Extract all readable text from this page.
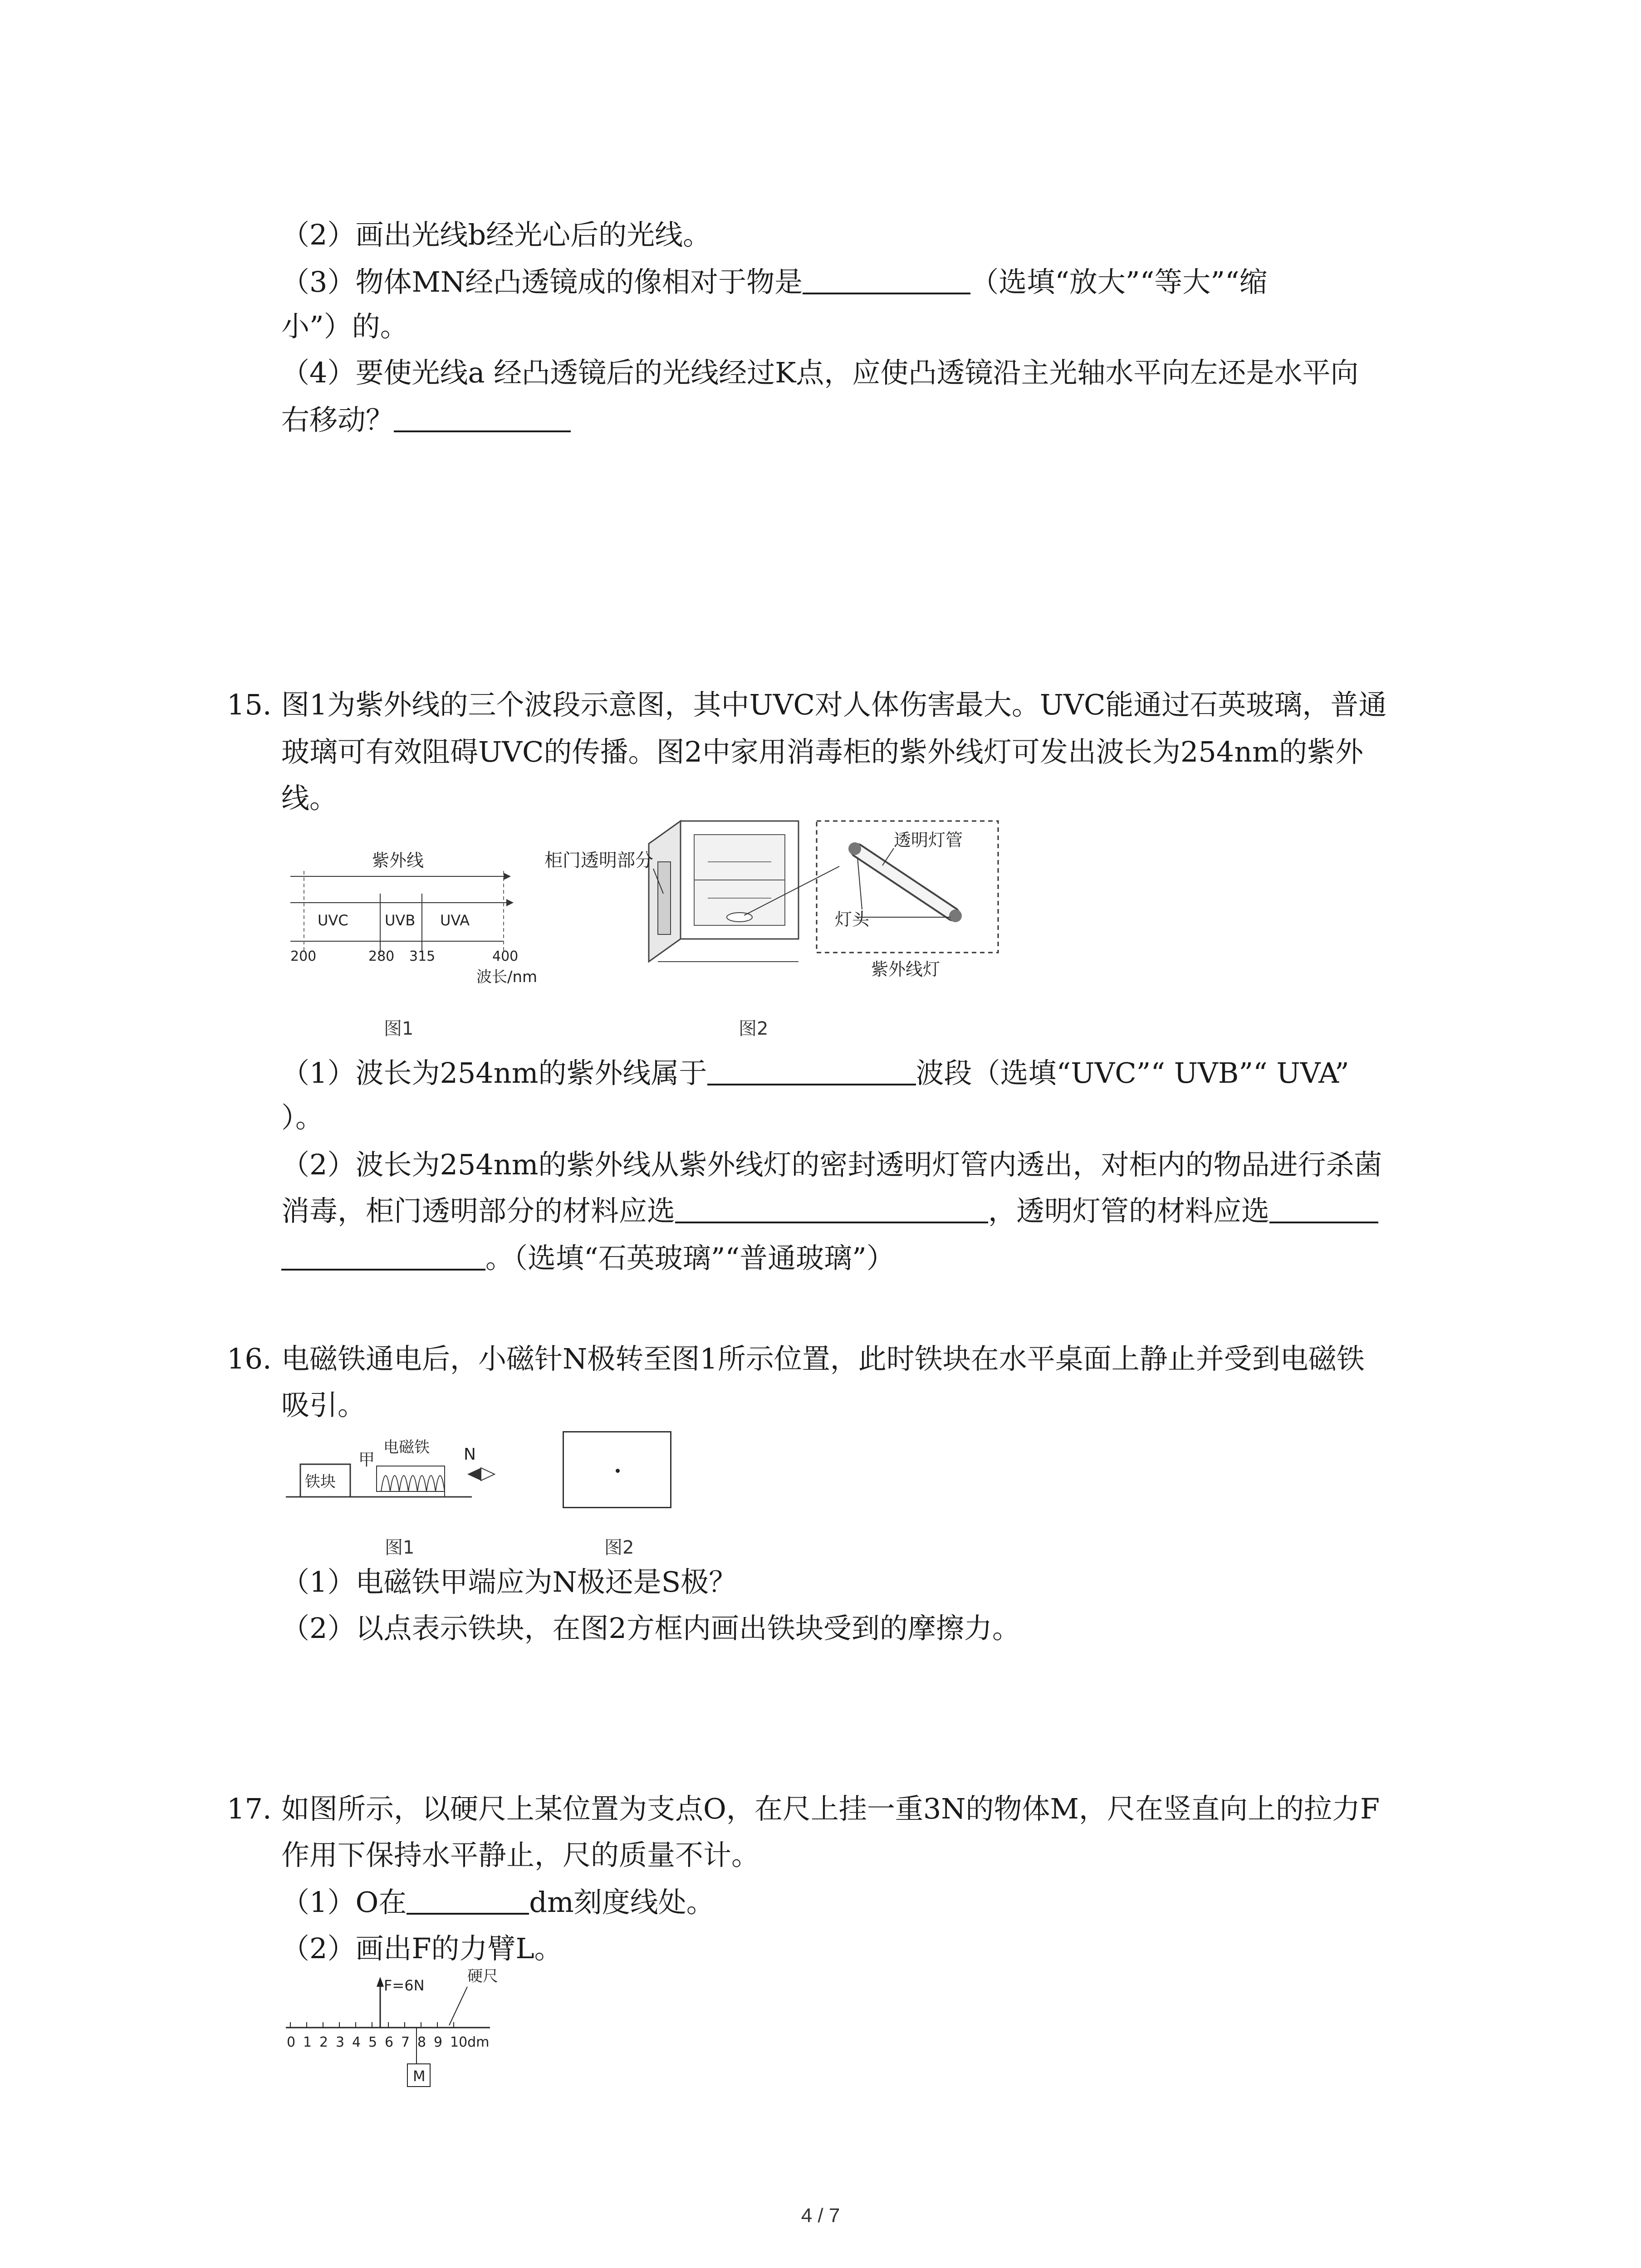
（2）画出光线b经光心后的光线。
（3）物体MN经凸透镜成的像相对于物是	（选填“放大”“等大”“缩
小”）的。
（4）要使光线a 经凸透镜后的光线经过K点，应使凸透镜沿主光轴水平向左还是水平向
右移动？
15. 图1为紫外线的三个波段示意图，其中UVC对人体伤害最大。UVC能通过石英玻璃，普通
玻璃可有效阻碍UVC的传播。图2中家用消毒柜的紫外线灯可发出波长为254nm的紫外
线。
紫外线
UVC	UVB UVA
200	280 315	400
波长/nm
图1
柜门透明部分
透明灯管
灯头
紫外线灯
图2
（1）波长为254nm的紫外线属于	波段（选填“UVC”“ UVB”“ UVA”
）。
（2）波长为254nm的紫外线从紫外线灯的密封透明灯管内透出，对柜内的物品进行杀菌
消毒，柜门透明部分的材料应选	，透明灯管的材料应选
。（选填“石英玻璃”“普通玻璃”）
16. 电磁铁通电后，小磁针N极转至图1所示位置，此时铁块在水平桌面上静止并受到电磁铁
吸引。
铁块
甲
电磁铁 N
图1	图2
（1）电磁铁甲端应为N极还是S极？
（2）以点表示铁块，在图2方框内画出铁块受到的摩擦力。
17. 如图所示，以硬尺上某位置为支点O，在尺上挂一重3N的物体M，尺在竖直向上的拉力F
作用下保持水平静止，尺的质量不计。
（1）O在	dm刻度线处。
（2）画出F的力臂L。
F=6N	硬尺
0 1 2 3 4 5 6 7 8 9 10dm
M
4 / 7
